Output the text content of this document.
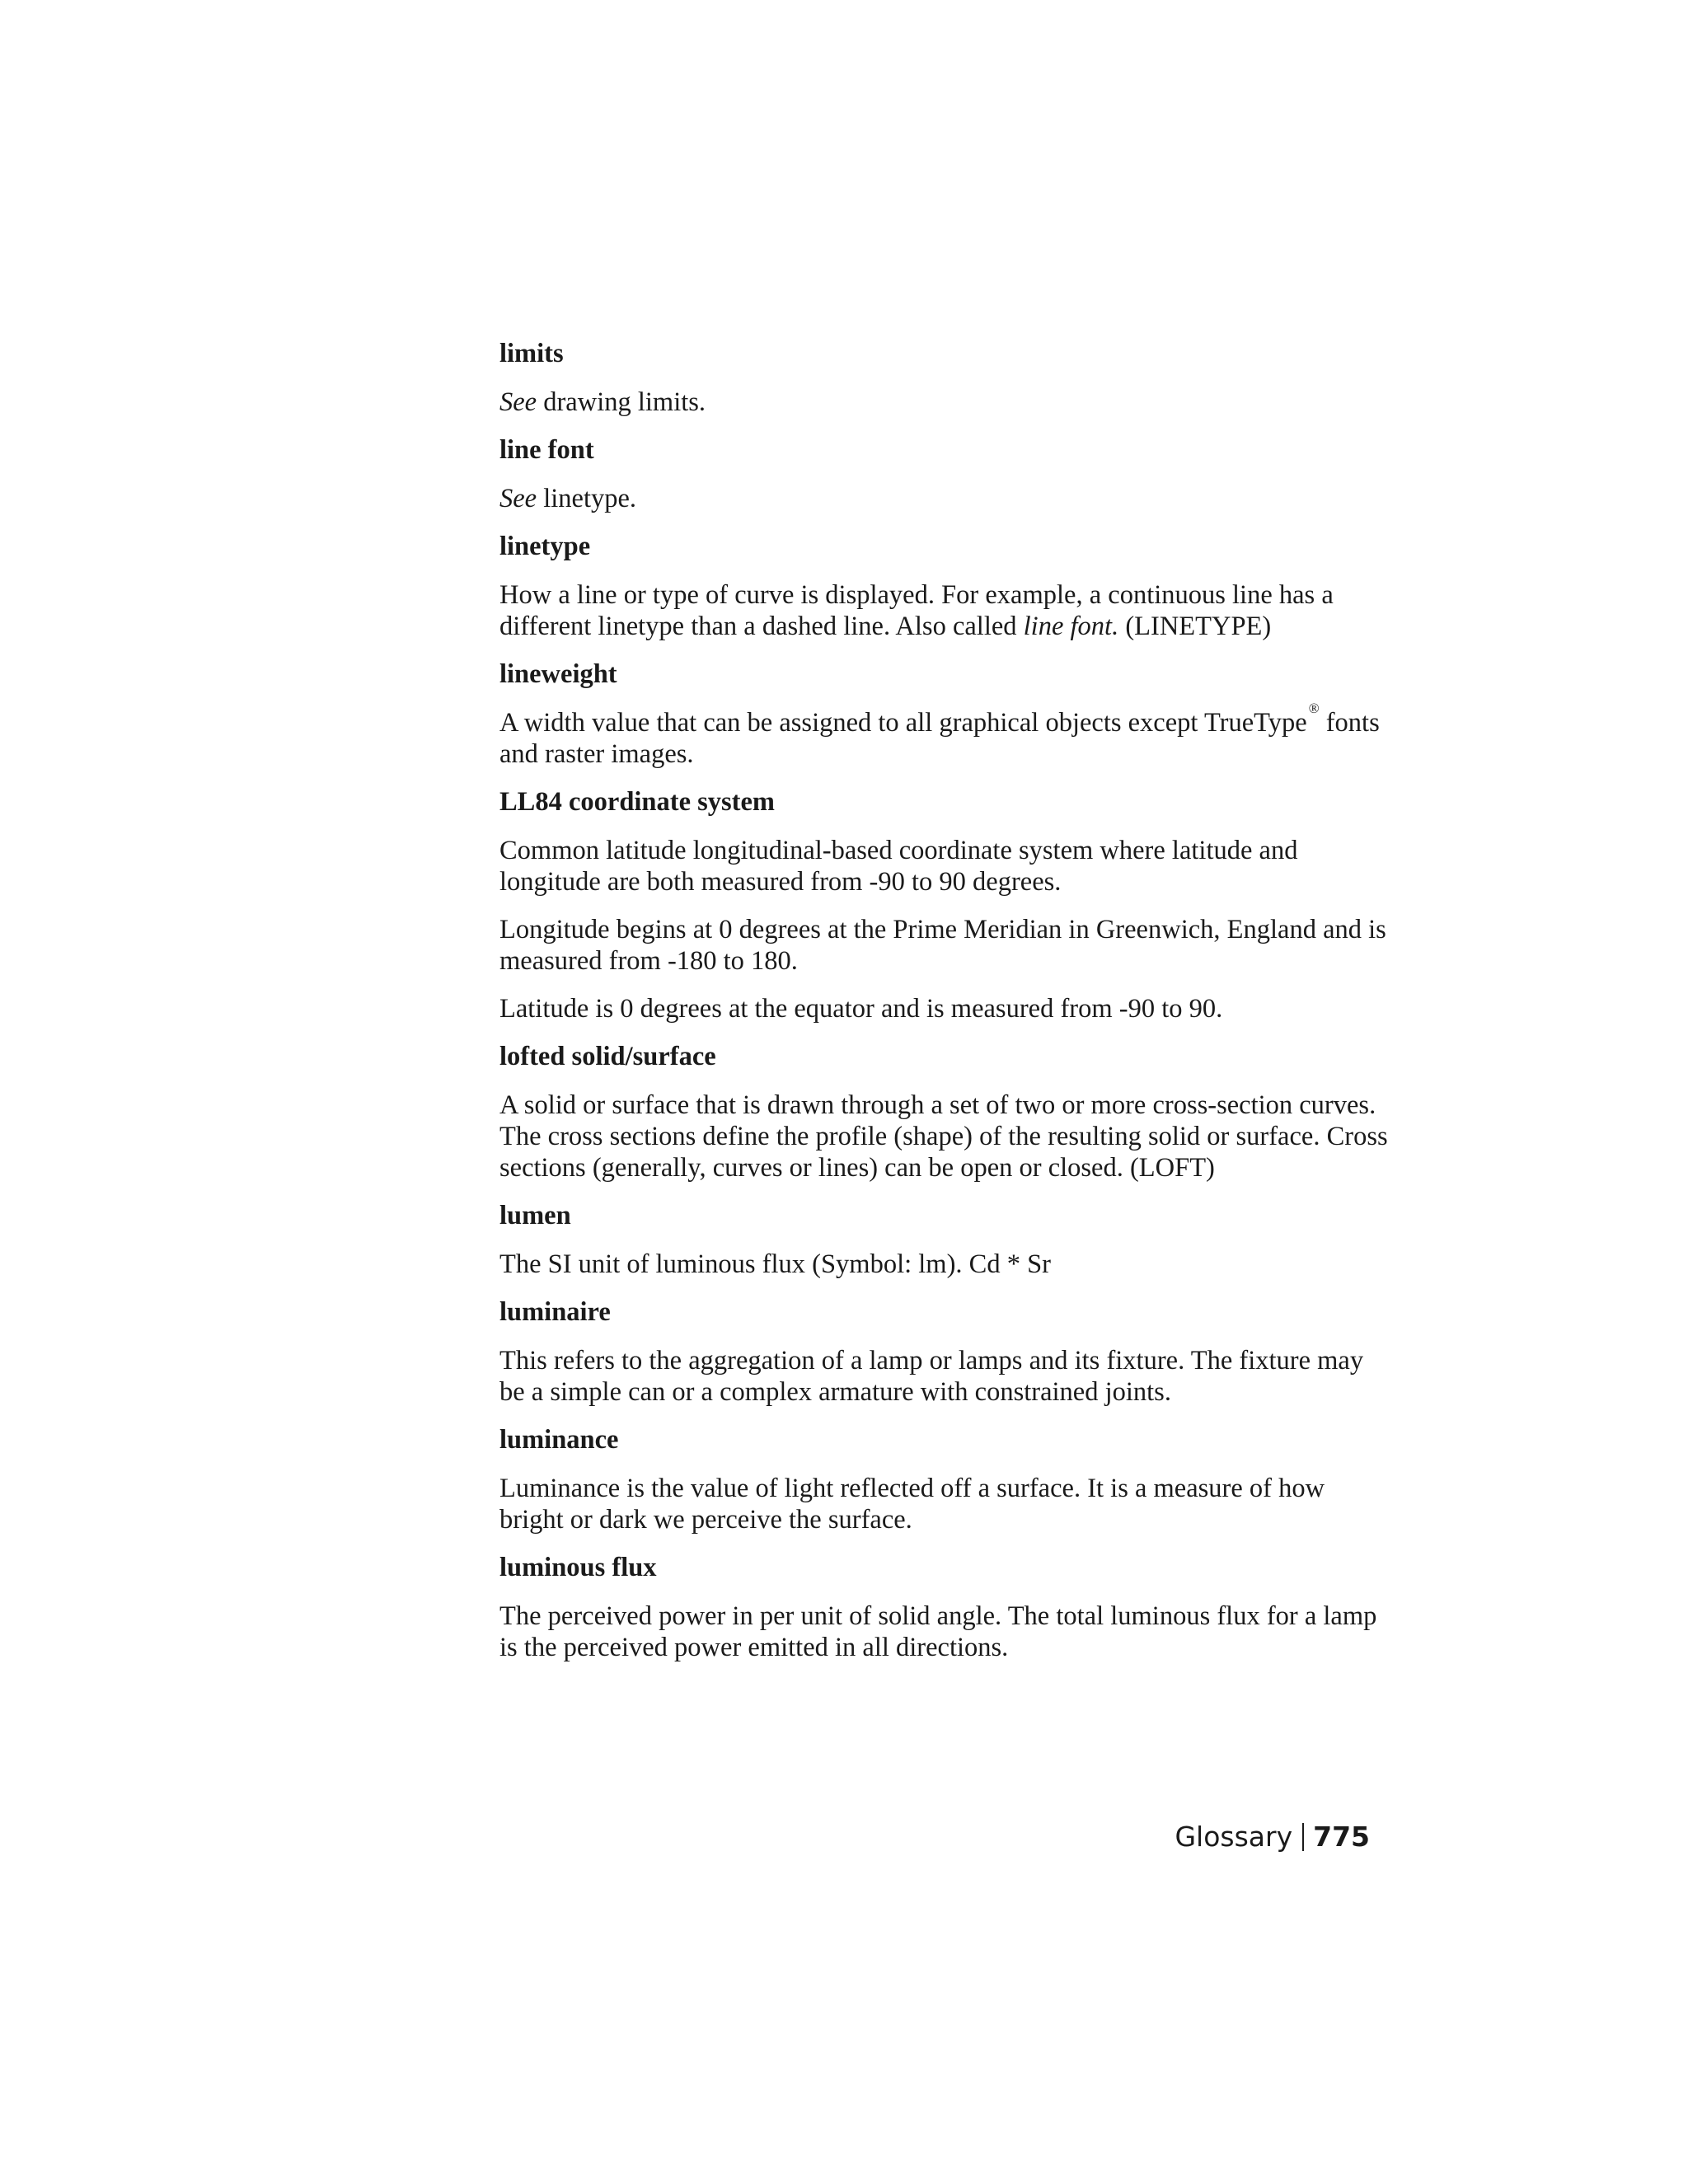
limits
See drawing limits.
line font
See linetype.
linetype
How a line or type of curve is displayed. For example, a continuous line has a different linetype than a dashed line. Also called line font. (LINETYPE)
lineweight
A width value that can be assigned to all graphical objects except TrueType ® fonts and raster images.
LL84 coordinate system
Common latitude longitudinal-based coordinate system where latitude and longitude are both measured from -90 to 90 degrees.
Longitude begins at 0 degrees at the Prime Meridian in Greenwich, England and is measured from -180 to 180.
Latitude is 0 degrees at the equator and is measured from -90 to 90.
lofted solid/surface
A solid or surface that is drawn through a set of two or more cross-section curves. The cross sections define the profile (shape) of the resulting solid or surface. Cross sections (generally, curves or lines) can be open or closed. (LOFT)
lumen
The SI unit of luminous flux (Symbol: lm). Cd * Sr
luminaire
This refers to the aggregation of a lamp or lamps and its fixture. The fixture may be a simple can or a complex armature with constrained joints.
luminance
Luminance is the value of light reflected off a surface. It is a measure of how bright or dark we perceive the surface.
luminous flux
The perceived power in per unit of solid angle. The total luminous flux for a lamp is the perceived power emitted in all directions.
Glossary 775
